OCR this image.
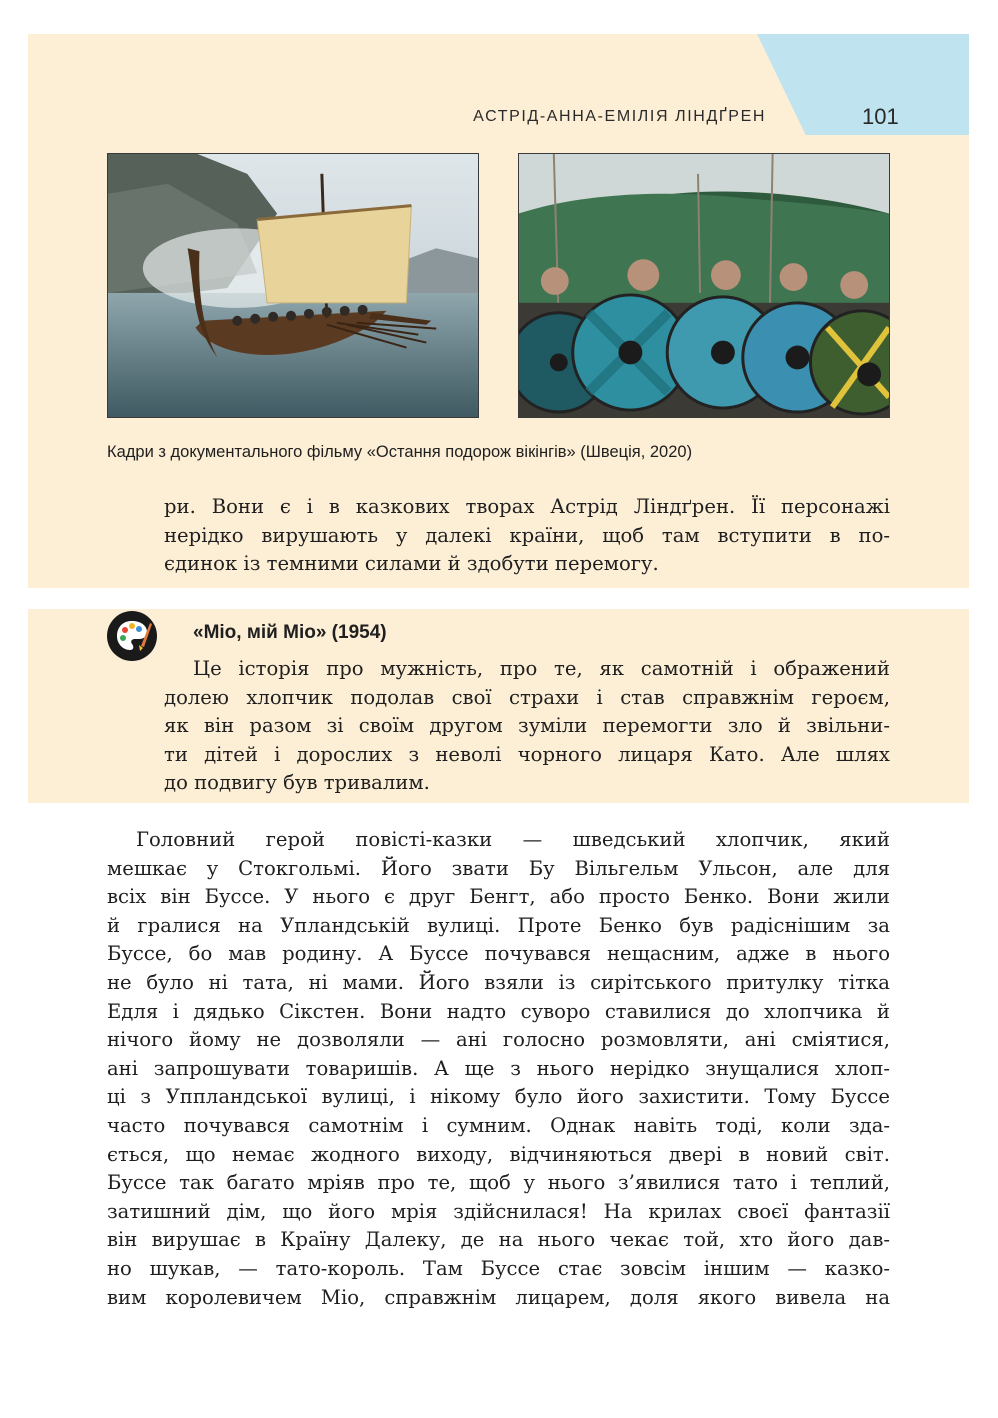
АСТРІД-АННА-ЕМІЛІЯ ЛІНДҐРЕН	101
Кадри з документального фільму «Остання подорож вікінгів» (Швеція, 2020)

ри. Вони є і в казкових творах Астрід Ліндґрен. Її персонажі
нерідко вирушають у далекі країни, щоб там вступити в по-
єдинок із темними силами й здобути перемогу.

«Міо, мій Міо» (1954)

Це історія про мужність, про те, як самотній і ображений
долею хлопчик подолав свої страхи і став справжнім героєм,
як він разом зі своїм другом зуміли перемогти зло й звільни-
ти дітей і дорослих з неволі чорного лицаря Като. Але шлях
до подвигу був тривалим.

Головний герой повісті-казки — шведський хлопчик, який
мешкає у Стокгольмі. Його звати Бу Вільгельм Ульсон, але для
всіх він Буссе. У нього є друг Бенгт, або просто Бенко. Вони жили
й гралися на Упландській вулиці. Проте Бенко був радіснішим за
Буссе, бо мав родину. А Буссе почувався нещасним, адже в нього
не було ні тата, ні мами. Його взяли із сирітського притулку тітка
Едля і дядько Сікстен. Вони надто суворо ставилися до хлопчика й
нічого йому не дозволяли — ані голосно розмовляти, ані сміятися,
ані запрошувати товаришів. А ще з нього нерідко знущалися хлоп-
ці з Уппландської вулиці, і нікому було його захистити. Тому Буссе
часто почувався самотнім і сумним. Однак навіть тоді, коли зда-
ється, що немає жодного виходу, відчиняються двері в новий світ.
Буссе так багато мріяв про те, щоб у нього з’явилися тато і теплий,
затишний дім, що його мрія здійснилася! На крилах своєї фантазії
він вирушає в Країну Далеку, де на нього чекає той, хто його дав-
но шукав, — тато-король. Там Буссе стає зовсім іншим — казко-
вим королевичем Міо, справжнім лицарем, доля якого вивела на
